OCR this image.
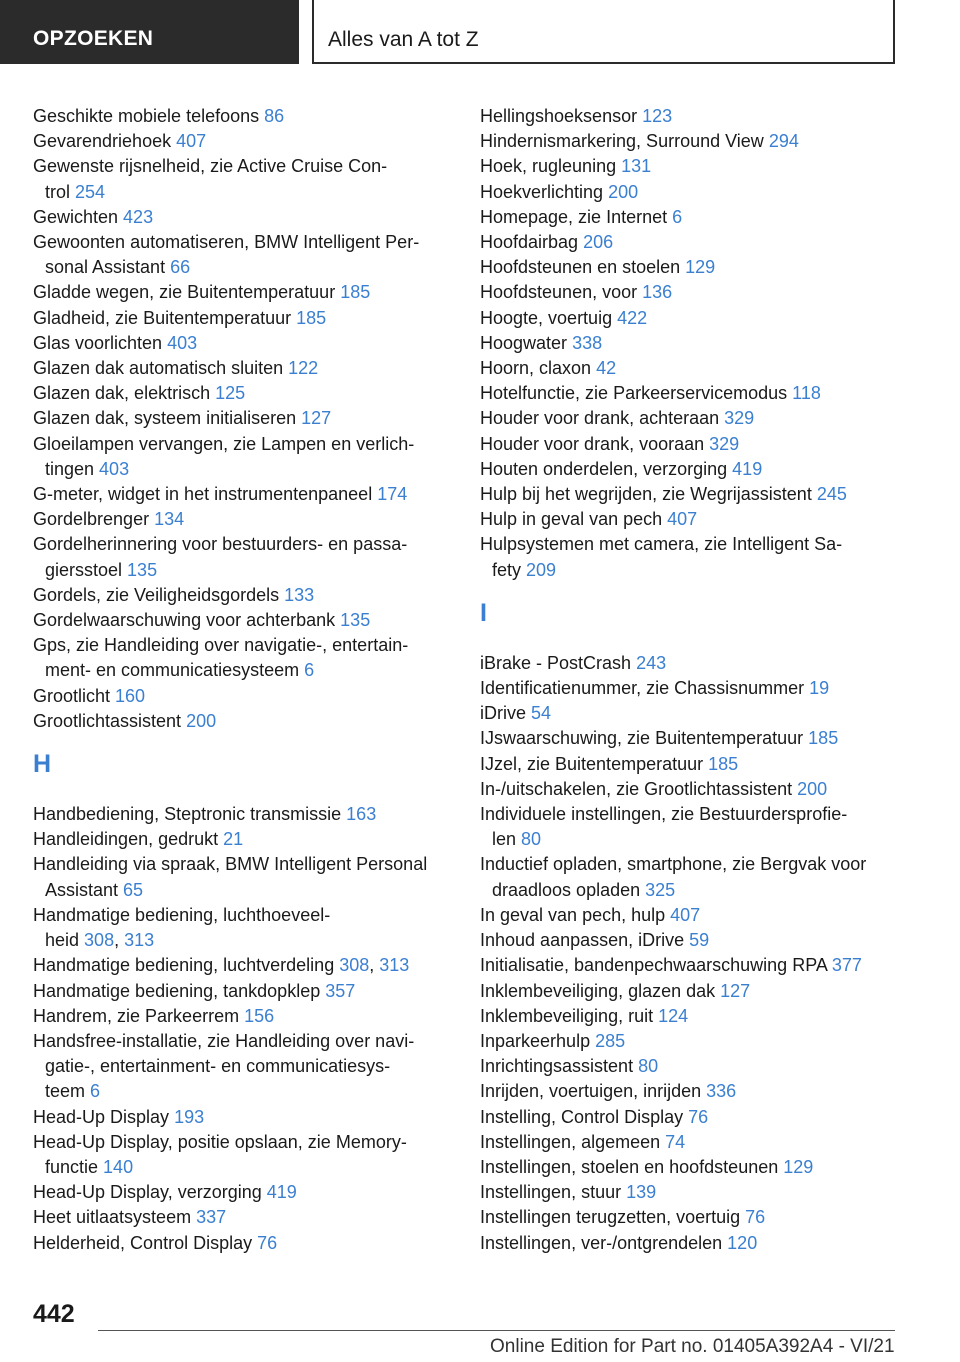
OPZOEKEN	Alles van A tot Z
Geschikte mobiele telefoons 86
Gevarendriehoek 407
Gewenste rijsnelheid, zie Active Cruise Con-
trol 254
Gewichten 423
Gewoonten automatiseren, BMW Intelligent Per-
sonal Assistant 66
Gladde wegen, zie Buitentemperatuur 185
Gladheid, zie Buitentemperatuur 185
Glas voorlichten 403
Glazen dak automatisch sluiten 122
Glazen dak, elektrisch 125
Glazen dak, systeem initialiseren 127
Gloeilampen vervangen, zie Lampen en verlich-
tingen 403
G-meter, widget in het instrumentenpaneel 174
Gordelbrenger 134
Gordelherinnering voor bestuurders- en passa-
giersstoel 135
Gordels, zie Veiligheidsgordels 133
Gordelwaarschuwing voor achterbank 135
Gps, zie Handleiding over navigatie-, entertain-
ment- en communicatiesysteem 6
Grootlicht 160
Grootlichtassistent 200
H
Handbediening, Steptronic transmissie 163
Handleidingen, gedrukt 21
Handleiding via spraak, BMW Intelligent Personal
Assistant 65
Handmatige bediening, luchthoeveel-
heid 308, 313
Handmatige bediening, luchtverdeling 308, 313
Handmatige bediening, tankdopklep 357
Handrem, zie Parkeerrem 156
Handsfree-installatie, zie Handleiding over navi-
gatie-, entertainment- en communicatiesys-
teem 6
Head-Up Display 193
Head-Up Display, positie opslaan, zie Memory-
functie 140
Head-Up Display, verzorging 419
Heet uitlaatsysteem 337
Helderheid, Control Display 76
Hellingshoeksensor 123
Hindernismarkering, Surround View 294
Hoek, rugleuning 131
Hoekverlichting 200
Homepage, zie Internet 6
Hoofdairbag 206
Hoofdsteunen en stoelen 129
Hoofdsteunen, voor 136
Hoogte, voertuig 422
Hoogwater 338
Hoorn, claxon 42
Hotelfunctie, zie Parkeerservicemodus 118
Houder voor drank, achteraan 329
Houder voor drank, vooraan 329
Houten onderdelen, verzorging 419
Hulp bij het wegrijden, zie Wegrijassistent 245
Hulp in geval van pech 407
Hulpsystemen met camera, zie Intelligent Sa-
fety 209
I
iBrake - PostCrash 243
Identificatienummer, zie Chassisnummer 19
iDrive 54
IJswaarschuwing, zie Buitentemperatuur 185
IJzel, zie Buitentemperatuur 185
In-/uitschakelen, zie Grootlichtassistent 200
Individuele instellingen, zie Bestuurdersprofie-
len 80
Inductief opladen, smartphone, zie Bergvak voor
draadloos opladen 325
In geval van pech, hulp 407
Inhoud aanpassen, iDrive 59
Initialisatie, bandenpechwaarschuwing RPA 377
Inklembeveiliging, glazen dak 127
Inklembeveiliging, ruit 124
Inparkeerhulp 285
Inrichtingsassistent 80
Inrijden, voertuigen, inrijden 336
Instelling, Control Display 76
Instellingen, algemeen 74
Instellingen, stoelen en hoofdsteunen 129
Instellingen, stuur 139
Instellingen terugzetten, voertuig 76
Instellingen, ver-/ontgrendelen 120
442
Online Edition for Part no. 01405A392A4 - VI/21
